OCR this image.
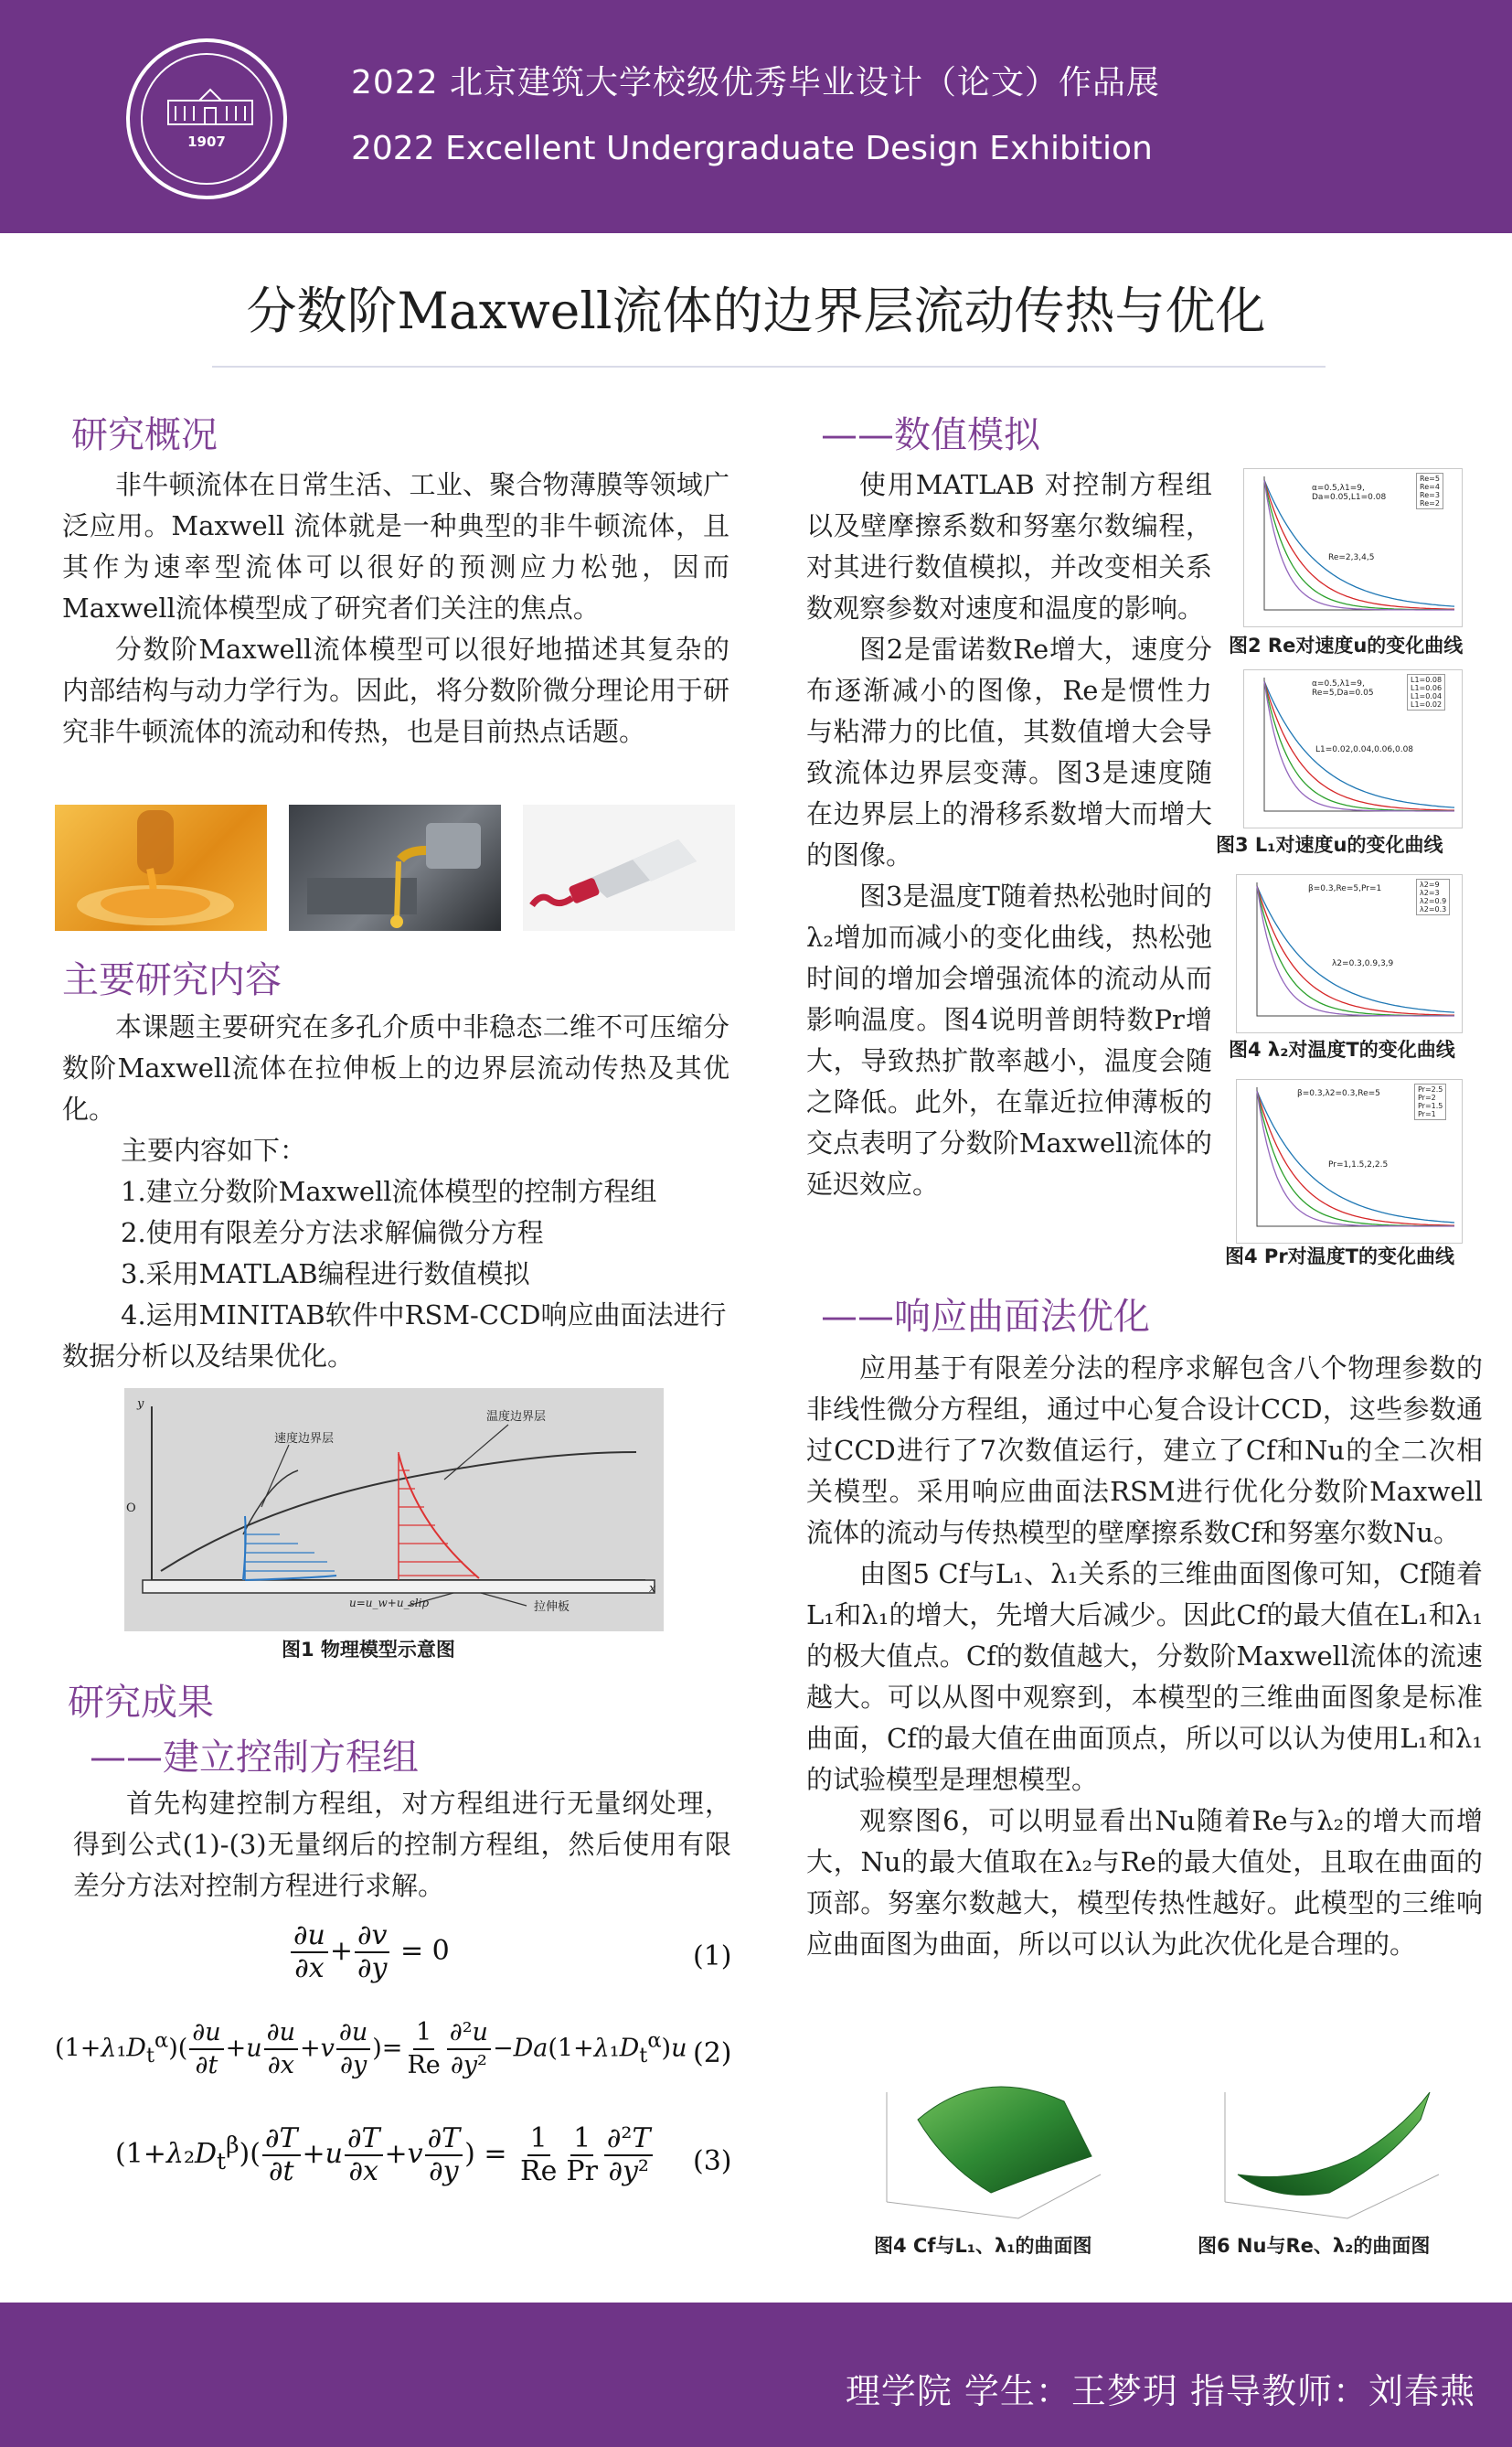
1907
2022 北京建筑大学校级优秀毕业设计（论文）作品展
2022 Excellent Undergraduate Design Exhibition
分数阶Maxwell流体的边界层流动传热与优化
研究概况

非牛顿流体在日常生活、工业、聚合物薄膜等领域广泛应用。Maxwell 流体就是一种典型的非牛顿流体，且其作为速率型流体可以很好的预测应力松弛，因而Maxwell流体模型成了研究者们关注的焦点。

分数阶Maxwell流体模型可以很好地描述其复杂的内部结构与动力学行为。因此，将分数阶微分理论用于研究非牛顿流体的流动和传热，也是目前热点话题。

主要研究内容

本课题主要研究在多孔介质中非稳态二维不可压缩分数阶Maxwell流体在拉伸板上的边界层流动传热及其优化。

主要内容如下：
1.建立分数阶Maxwell流体模型的控制方程组
2.使用有限差分方法求解偏微分方程
3.采用MATLAB编程进行数值模拟
4.运用MINITAB软件中RSM-CCD响应曲面法进行数据分析以及结果优化。
速度边界层
温度边界层
拉伸板
u=u_w+u_slip
x
y
O
图1 物理模型示意图
研究成果
——建立控制方程组

首先构建控制方程组，对方程组进行无量纲处理，得到公式(1)-(3)无量纲后的控制方程组，然后使用有限差分方法对控制方程进行求解。

$\frac{\partial u}{\partial x} + \frac{\partial v}{\partial y} = 0$	(1)
$(1+\lambda_1D_t^\alpha)( \frac{\partial u}{\partial t} +u \frac{\partial u}{\partial x} +v \frac{\partial u}{\partial y}$ )= $\frac{1}{Re} \frac{\text{∂²u}}{\text{∂y²}} -Da(1+\lambda_1D_t^\alpha)u$ (2)
$(1+\lambda_2D_t^\beta)( \frac{\partial T}{\partial t} +u \frac{\partial T}{\partial x} +v \frac{\partial T}{\partial y}$ ) = $\frac{1}{Re} \frac{1}{Pr} \frac{\text{∂²T}}{\text{∂y²}} (3)$
——数值模拟

使用MATLAB 对控制方程组以及壁摩擦系数和努塞尔数编程，对其进行数值模拟，并改变相关系数观察参数对速度和温度的影响。

图2是雷诺数Re增大，速度分布逐渐减小的图像，Re是惯性力与粘滞力的比值，其数值增大会导致流体边界层变薄。图3是速度随在边界层上的滑移系数增大而增大的图像。

图3是温度T随着热松弛时间的λ₂增加而减小的变化曲线，热松弛时间的增加会增强流体的流动从而影响温度。图4说明普朗特数Pr增大，导致热扩散率越小，温度会随之降低。此外，在靠近拉伸薄板的交点表明了分数阶Maxwell流体的延迟效应。

α=0.5,λ1=9,
Da=0.05,L1=0.08
Re=5
Re=4
Re=3
Re=2
Re=2,3,4,5
图2 Re对速度u的变化曲线
α=0.5,λ1=9,
Re=5,Da=0.05
L1=0.08
L1=0.06
L1=0.04
L1=0.02
L1=0.02,0.04,0.06,0.08
图3 L₁对速度u的变化曲线
β=0.3,Re=5,Pr=1	λ2=9
λ2=3
λ2=0.9
λ2=0.3
λ2=0.3,0.9,3,9
图4 λ₂对温度T的变化曲线
β=0.3,λ2=0.3,Re=5	Pr=2.5
Pr=2
Pr=1.5
Pr=1
Pr=1,1.5,2,2.5
图4 Pr对温度T的变化曲线
——响应曲面法优化

应用基于有限差分法的程序求解包含八个物理参数的非线性微分方程组，通过中心复合设计CCD，这些参数通过CCD进行了7次数值运行，建立了Cf和Nu的全二次相关模型。采用响应曲面法RSM进行优化分数阶Maxwell流体的流动与传热模型的壁摩擦系数Cf和努塞尔数Nu。

由图5 Cf与L₁、λ₁关系的三维曲面图像可知，Cf随着L₁和λ₁的增大，先增大后减少。因此Cf的最大值在L₁和λ₁的极大值点。Cf的数值越大，分数阶Maxwell流体的流速越大。可以从图中观察到，本模型的三维曲面图象是标准曲面，Cf的最大值在曲面顶点，所以可以认为使用L₁和λ₁的试验模型是理想模型。

观察图6，可以明显看出Nu随着Re与λ₂的增大而增大，Nu的最大值取在λ₂与Re的最大值处，且取在曲面的顶部。努塞尔数越大，模型传热性越好。此模型的三维响应曲面图为曲面，所以可以认为此次优化是合理的。

图4 Cf与L₁、λ₁的曲面图	图6 Nu与Re、λ₂的曲面图
理学院 学生：王梦玥 指导教师：刘春燕
